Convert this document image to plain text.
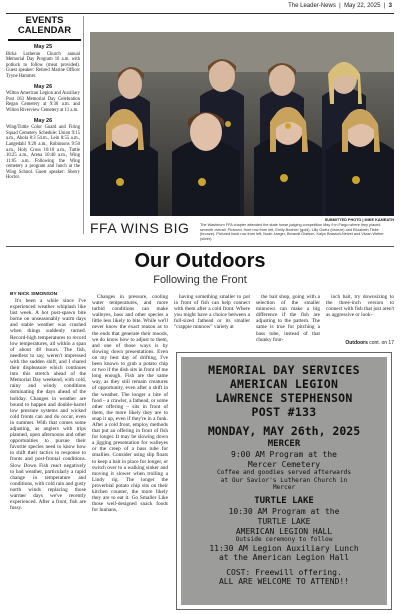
The Leader-News  |  May 22, 2025  |  3
EVENTS CALENDAR
May 25
Birka Lutheran Church annual Memorial Day Program 10 a.m. with potluck to follow (meat provided). Guest speaker: Retired Marine Officer Tyyne Hammer.
May 26
Wilton American Legion and Auxiliary Post 163 Memorial Day Celebration Regan Cemetery at 9:30 a.m. and Wilton Riverview Cemetery at 11 a.m.
May 26
Wing/Tuttle Color Guard and Firing Squad Cemetery Schedule: Union 9:15 a.m., Ahola 8:3 54.m., Lein 8:55 a.m., Langedahl 9:20 a.m., Robinsons 9:50 a.m., Holy Cross 10:10 a.m., Tuttle 10:25 a.m., Arena 10:40 a.m., Wing 11:05 a.m. Following the Wing cemetery a program and lunch at the Wing School. Guest speaker: Sherry Hoctor.
SUBMITTED PHOTO | MIKE KAMRATH
FFA WINS BIG	The Washburn FFA chapter attended the state horse judging competition May 9 in Fargo where they placed seventh overall. Pictured, front row from left, Emily Boehler (gold), Lilly Goetz (bronze) and Elizabeth Tibke (bronze). Pictured back row from left, Noah Jaeger, Berandt Olafson, Kalyn Brassch-Nelvet and Vivian Weber (silver).
Our Outdoors
Following the Front
BY NICK SIMONSON

It's been a while since I've experienced weather whiplash like last week. A hot post-spawn bite borne on unseasonably warm days and stable weather was crushed when things suddenly turned. Record-high temperatures to record low temperatures, all within a span of about 48 hours. The fish, needless to say, weren't impressed with the sudden shift, and I shared their displeasure which continues into this stretch ahead of the Memorial Day weekend, with cold, rainy and windy conditions dominating the days ahead of the holiday. Changes in weather are bound to happen and double-barrel low pressure systems and wicked cold fronts can and do occur, even in summer. With that comes some adjusting, as anglers with trips planned, open afternoons and other opportunities to pursue their favorite species need to know how to shift their tactics in response to fronts and post-frontal conditions. Slow Down Fish react negatively to bad weather, particularly a rapid change in temperature and conditions, with cold rain and gusty north winds replacing those warmer days we've recently experienced. After a front, fish are fussy.

Changes in pressure, cooling water temperatures, and more turbid conditions can make walleyes, bass and other species a little less likely to bite. While we'll never know the exact reason as to the ends that generate their moods, we do know how to adjust to them, and one of those ways is by slowing down presentations. Even on my best day of drifting, I've been known to grab a potato chip or two if the dish sits in front of me long enough. Fish are the same way, as they still remain creatures of opportunity, even after a shift in the weather. The longer a bite of food – a crawler, a fathead, or some other offering – sits in front of them, the more likely they are to snap it up, even if they're in a funk. After a cold front, employ methods that put an offering in front of fish for longer. It may be slowing down a jigging presentation for walleyes or the creep of a bass tube for smallies. Consider using slip floats to keep a bait in place for longer, or switch over to a walking sinker and moving it slower when trolling a Lindy rig. The longer the proverbial potato chip sits on their kitchen counter, the more likely they are to eat it. Go Smaller Like those well-designed snack foods for humans,

having something smaller to put in front of fish can help connect with them after a cold front. Where you might have a choice between a full-sized fathead or its smaller "crappie minnow" variety at

the bait shop, going with a selection of the smaller minnows can make a big difference if the fish are adjusting to the pattern. The same is true for pitching a bass tube, instead of that chunky four-

inch bait, try downsizing to the three-inch version to connect with fish that just aren't as aggressive or look-

Outdoors cont. on 17
MEMORIAL DAY SERVICES
AMERICAN LEGION
LAWRENCE STEPHENSON
POST #133
MONDAY, MAY 26th, 2025
MERCER
9:00 AM Program at the
Mercer Cemetery
Coffee and goodies served afterwards
at Our Savior's Lutheran Church in
Mercer
TURTLE LAKE
10:30 AM Program at the
TURTLE LAKE
AMERICAN LEGION HALL
Outside ceremony to follow
11:30 AM Legion Auxiliary Lunch
at the American Legion Hall
COST: Freewill offering.
ALL ARE WELCOME TO ATTEND!!
